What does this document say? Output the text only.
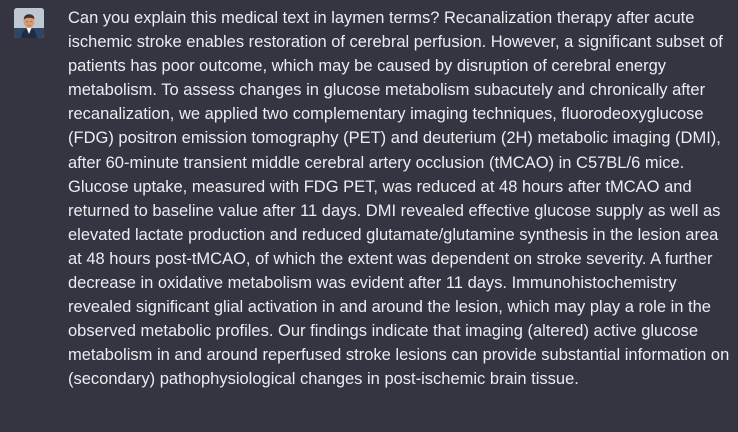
Can you explain this medical text in laymen terms? Recanalization therapy after acute ischemic stroke enables restoration of cerebral perfusion. However, a significant subset of patients has poor outcome, which may be caused by disruption of cerebral energy metabolism. To assess changes in glucose metabolism subacutely and chronically after recanalization, we applied two complementary imaging techniques, fluorodeoxyglucose (FDG) positron emission tomography (PET) and deuterium (2H) metabolic imaging (DMI), after 60-minute transient middle cerebral artery occlusion (tMCAO) in C57BL/6 mice. Glucose uptake, measured with FDG PET, was reduced at 48 hours after tMCAO and returned to baseline value after 11 days. DMI revealed effective glucose supply as well as elevated lactate production and reduced glutamate/glutamine synthesis in the lesion area at 48 hours post-tMCAO, of which the extent was dependent on stroke severity. A further decrease in oxidative metabolism was evident after 11 days. Immunohistochemistry revealed significant glial activation in and around the lesion, which may play a role in the observed metabolic profiles. Our findings indicate that imaging (altered) active glucose metabolism in and around reperfused stroke lesions can provide substantial information on (secondary) pathophysiological changes in post-ischemic brain tissue.
